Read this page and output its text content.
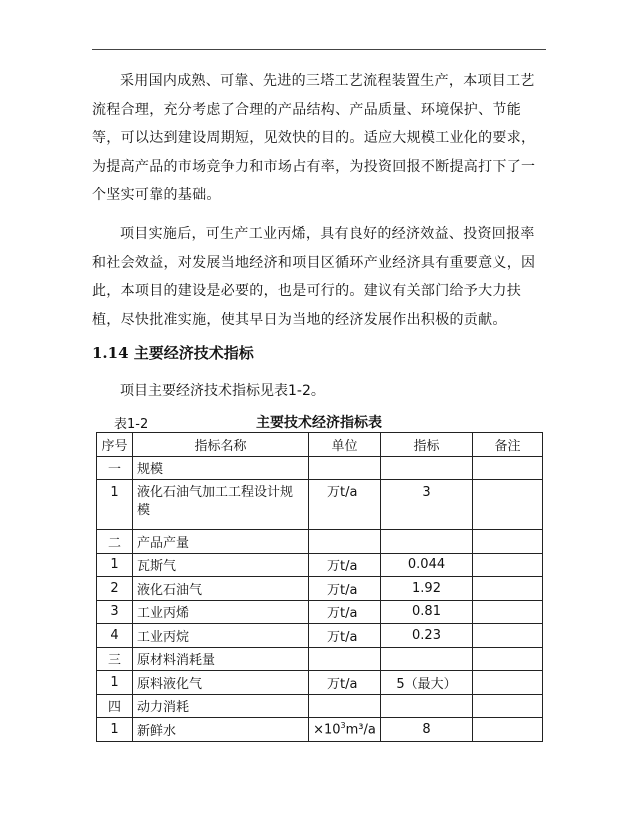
采用国内成熟、可靠、先进的三塔工艺流程装置生产，本项目工艺流程合理，充分考虑了合理的产品结构、产品质量、环境保护、节能等，可以达到建设周期短，见效快的目的。适应大规模工业化的要求，为提高产品的市场竞争力和市场占有率，为投资回报不断提高打下了一个坚实可靠的基础。

项目实施后，可生产工业丙烯，具有良好的经济效益、投资回报率和社会效益，对发展当地经济和项目区循环产业经济具有重要意义，因此，本项目的建设是必要的，也是可行的。建议有关部门给予大力扶植，尽快批准实施，使其早日为当地的经济发展作出积极的贡献。

1.14 主要经济技术指标

项目主要经济技术指标见表1-2。

表1-2	主要技术经济指标表
序号	指标名称	单位	指标	备注
一	规模			
1	液化石油气加工工程设计规模	万t/a	3	
二	产品产量			
1	瓦斯气	万t/a	0.044	
2	液化石油气	万t/a	1.92	
3	工业丙烯	万t/a	0.81	
4	工业丙烷	万t/a	0.23	
三	原材料消耗量			
1	原料液化气	万t/a	5（最大）	
四	动力消耗			
1	新鲜水	$\times 10^3m^3/a$	8	
